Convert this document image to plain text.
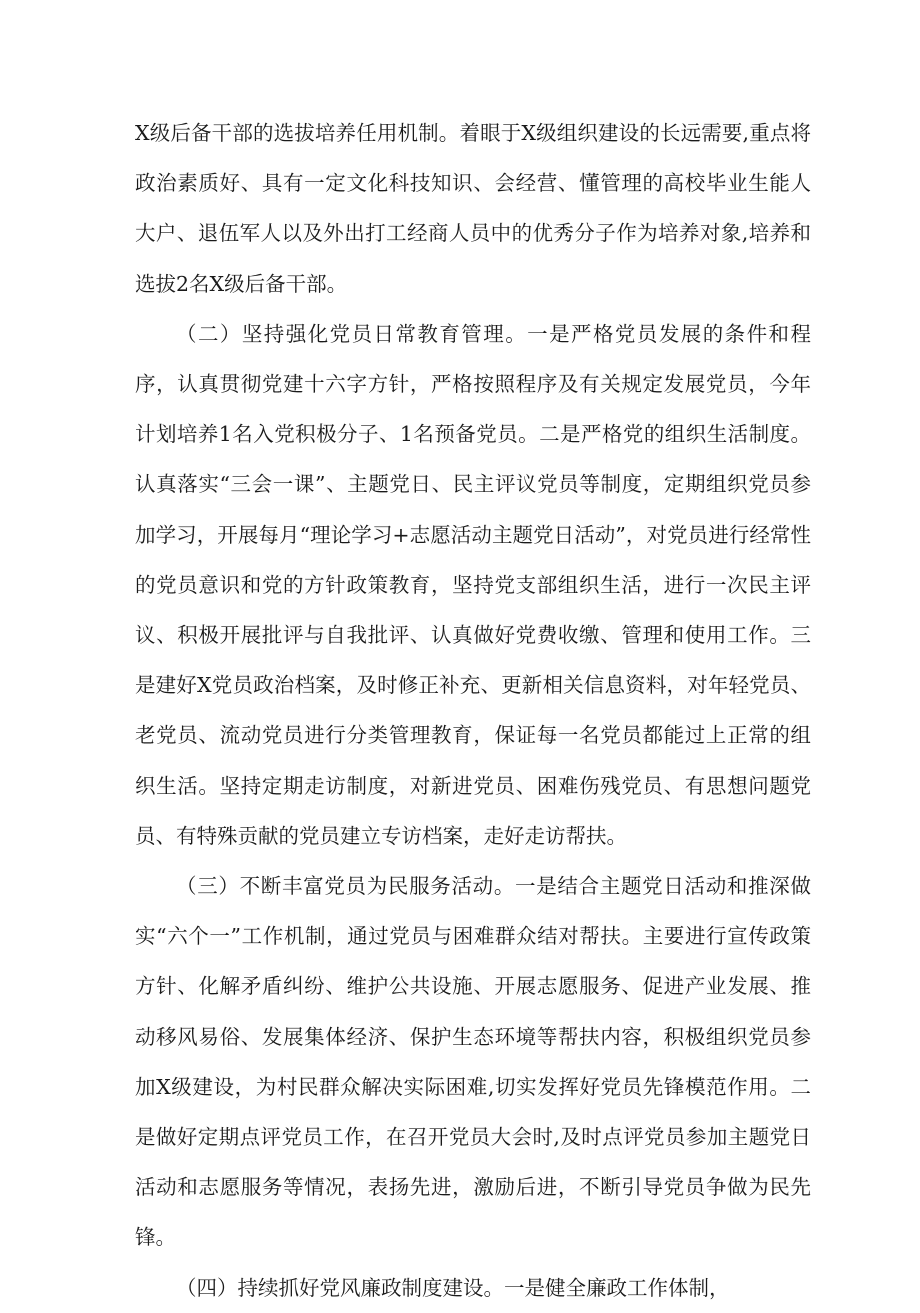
X级后备干部的选拔培养任用机制。着眼于X级组织建设的长远需要,重点将政治素质好、具有一定文化科技知识、会经营、懂管理的高校毕业生能人大户、退伍军人以及外出打工经商人员中的优秀分子作为培养对象,培养和选拔2名X级后备干部。

（二）坚持强化党员日常教育管理。一是严格党员发展的条件和程序，认真贯彻党建十六字方针，严格按照程序及有关规定发展党员，今年计划培养1名入党积极分子、1名预备党员。二是严格党的组织生活制度。认真落实“三会一课”、主题党日、民主评议党员等制度，定期组织党员参加学习，开展每月“理论学习+志愿活动主题党日活动”，对党员进行经常性的党员意识和党的方针政策教育，坚持党支部组织生活，进行一次民主评议、积极开展批评与自我批评、认真做好党费收缴、管理和使用工作。三是建好X党员政治档案，及时修正补充、更新相关信息资料，对年轻党员、老党员、流动党员进行分类管理教育，保证每一名党员都能过上正常的组织生活。坚持定期走访制度，对新进党员、困难伤残党员、有思想问题党员、有特殊贡献的党员建立专访档案，走好走访帮扶。

（三）不断丰富党员为民服务活动。一是结合主题党日活动和推深做实“六个一”工作机制，通过党员与困难群众结对帮扶。主要进行宣传政策方针、化解矛盾纠纷、维护公共设施、开展志愿服务、促进产业发展、推动移风易俗、发展集体经济、保护生态环境等帮扶内容，积极组织党员参加X级建设，为村民群众解决实际困难,切实发挥好党员先锋模范作用。二是做好定期点评党员工作，在召开党员大会时,及时点评党员参加主题党日活动和志愿服务等情况，表扬先进，激励后进，不断引导党员争做为民先锋。

（四）持续抓好党风廉政制度建设。一是健全廉政工作体制，
